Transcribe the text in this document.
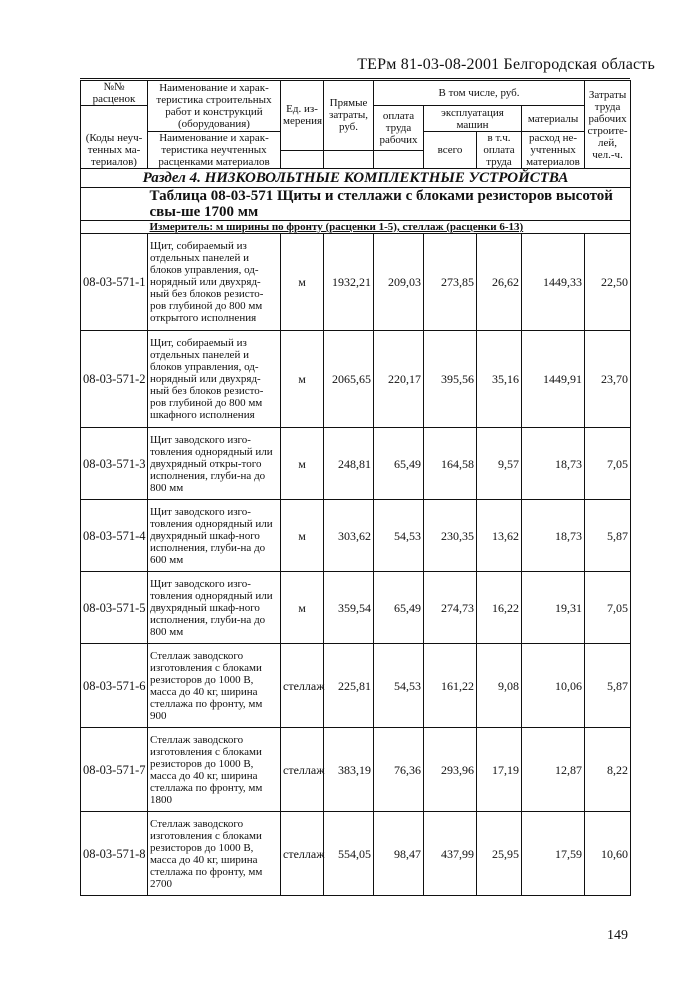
ТЕРм 81-03-08-2001 Белгородская область
№№
расценок	Наименование и харак-теристика строительных работ и конструкций (оборудования)	Ед. из-мерения	Прямые затраты, руб.	В том числе, руб.				Затраты труда рабочих строите-лей, чел.-ч.
(Коды неуч-тенных ма-териалов)				оплата труда рабочих	эксплуатация машин		материалы	
	Наименование и харак-теристика неучтенных расценками материалов				всего	в т.ч. оплата труда	расход не-учтенных материалов	

Раздел 4. НИЗКОВОЛЬТНЫЕ КОМПЛЕКТНЫЕ УСТРОЙСТВА								
	Таблица 08-03-571 Щиты и стеллажи с блоками резисторов высотой свы-ше 1700 мм							
	Измеритель: м ширины по фронту (расценки 1-5), стеллаж (расценки 6-13)							
08-03-571-1	Щит, собираемый из отдельных панелей и блоков управления, од-норядный или двухряд-ный без блоков резисто-ров глубиной до 800 мм открытого исполнения	м	1932,21	209,03	273,85	26,62	1449,33	22,50
08-03-571-2	Щит, собираемый из отдельных панелей и блоков управления, од-норядный или двухряд-ный без блоков резисто-ров глубиной до 800 мм шкафного исполнения	м	2065,65	220,17	395,56	35,16	1449,91	23,70
08-03-571-3	Щит заводского изго-товления однорядный или двухрядный откры-того исполнения, глуби-на до 800 мм	м	248,81	65,49	164,58	9,57	18,73	7,05
08-03-571-4	Щит заводского изго-товления однорядный или двухрядный шкаф-ного исполнения, глуби-на до 600 мм	м	303,62	54,53	230,35	13,62	18,73	5,87
08-03-571-5	Щит заводского изго-товления однорядный или двухрядный шкаф-ного исполнения, глуби-на до 800 мм	м	359,54	65,49	274,73	16,22	19,31	7,05
08-03-571-6	Стеллаж заводского изготовления с блоками резисторов до 1000 В, масса до 40 кг, ширина стеллажа по фронту, мм 900	стеллаж	225,81	54,53	161,22	9,08	10,06	5,87
08-03-571-7	Стеллаж заводского изготовления с блоками резисторов до 1000 В, масса до 40 кг, ширина стеллажа по фронту, мм 1800	стеллаж	383,19	76,36	293,96	17,19	12,87	8,22
08-03-571-8	Стеллаж заводского изготовления с блоками резисторов до 1000 В, масса до 40 кг, ширина стеллажа по фронту, мм 2700	стеллаж	554,05	98,47	437,99	25,95	17,59	10,60
149
